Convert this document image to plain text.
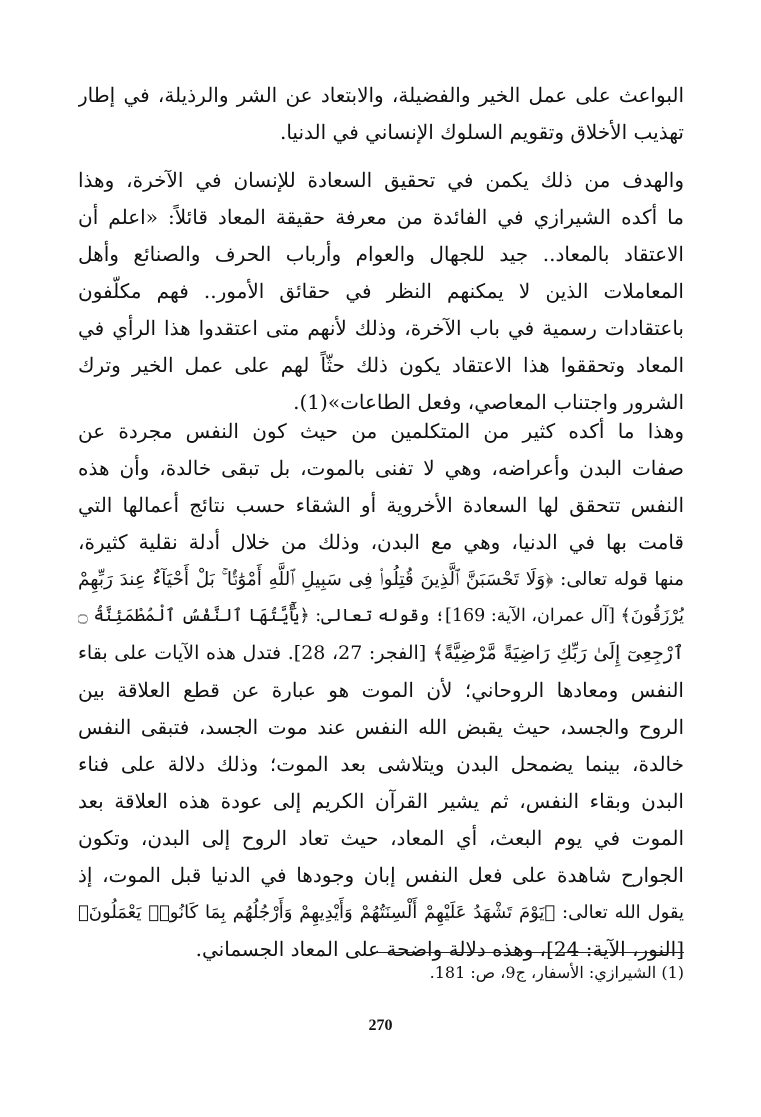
البواعث على عمل الخير والفضيلة، والابتعاد عن الشر والرذيلة، في إطار
تهذيب الأخلاق وتقويم السلوك الإنساني في الدنيا.
والهدف من ذلك يكمن في تحقيق السعادة للإنسان في الآخرة، وهذا
ما أكده الشيرازي في الفائدة من معرفة حقيقة المعاد قائلاً: «اعلم أن
الاعتقاد بالمعاد.. جيد للجهال والعوام وأرباب الحرف والصنائع وأهل
المعاملات الذين لا يمكنهم النظر في حقائق الأمور.. فهم مكلّفون
باعتقادات رسمية في باب الآخرة، وذلك لأنهم متى اعتقدوا هذا الرأي في
المعاد وتحققوا هذا الاعتقاد يكون ذلك حثّاً لهم على عمل الخير وترك
الشرور واجتناب المعاصي، وفعل الطاعات»(1).
وهذا ما أكده كثير من المتكلمين من حيث كون النفس مجردة عن
صفات البدن وأعراضه، وهي لا تفنى بالموت، بل تبقى خالدة، وأن هذه
النفس تتحقق لها السعادة الأخروية أو الشقاء حسب نتائج أعمالها التي
قامت بها في الدنيا، وهي مع البدن، وذلك من خلال أدلة نقلية كثيرة،
منها قوله تعالى: ﴿وَلَا تَحْسَبَنَّ ٱلَّذِينَ قُتِلُوا۟ فِى سَبِيلِ ٱللَّهِ أَمْوَٰتًۢا ۚ بَلْ أَحْيَآءٌ عِندَ رَبِّهِمْ
يُرْزَقُونَ﴾ [آل عمران، الآية: 169]؛ وقوله تعالى: ﴿يَٰٓأَيَّتُهَا ٱلنَّفْسُ ٱلْمُطْمَئِنَّةُ ۝
ٱرْجِعِىٓ إِلَىٰ رَبِّكِ رَاضِيَةً مَّرْضِيَّةً﴾ [الفجر: 27، 28]. فتدل هذه الآيات على بقاء
النفس ومعادها الروحاني؛ لأن الموت هو عبارة عن قطع العلاقة بين
الروح والجسد، حيث يقبض الله النفس عند موت الجسد، فتبقى النفس
خالدة، بينما يضمحل البدن ويتلاشى بعد الموت؛ وذلك دلالة على فناء
البدن وبقاء النفس، ثم يشير القرآن الكريم إلى عودة هذه العلاقة بعد
الموت في يوم البعث، أي المعاد، حيث تعاد الروح إلى البدن، وتكون
الجوارح شاهدة على فعل النفس إبان وجودها في الدنيا قبل الموت، إذ
يقول الله تعالى: ﴿يَوْمَ تَشْهَدُ عَلَيْهِمْ أَلْسِنَتُهُمْ وَأَيْدِيهِمْ وَأَرْجُلُهُم بِمَا كَانُوا۟ يَعْمَلُونَ﴾
[النور، الآية: 24]، وهذه دلالة واضحة على المعاد الجسماني.
(1) الشيرازي: الأسفار، ج9، ص: 181.
270
